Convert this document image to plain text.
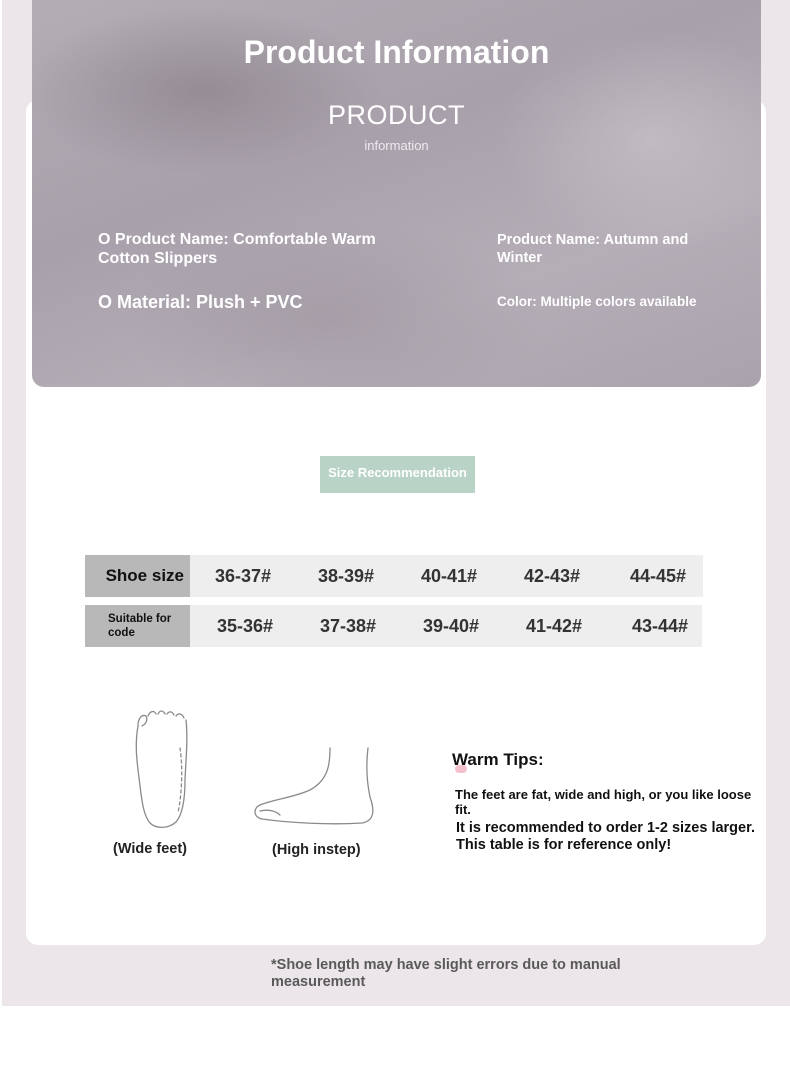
Product Information
PRODUCT
information
O Product Name: Comfortable Warm Cotton Slippers
Product Name: Autumn and Winter
O Material: Plush + PVC	Color: Multiple colors available
Size Recommendation
Shoe size	36-37#	38-39#	40-41#	42-43#	44-45#
Suitable for code	35-36#	37-38#	39-40#	41-42#	43-44#
(Wide feet)	(High instep)
Warm Tips:
The feet are fat, wide and high, or you like loose fit.
It is recommended to order 1-2 sizes larger. This table is for reference only!
*Shoe length may have slight errors due to manual measurement
